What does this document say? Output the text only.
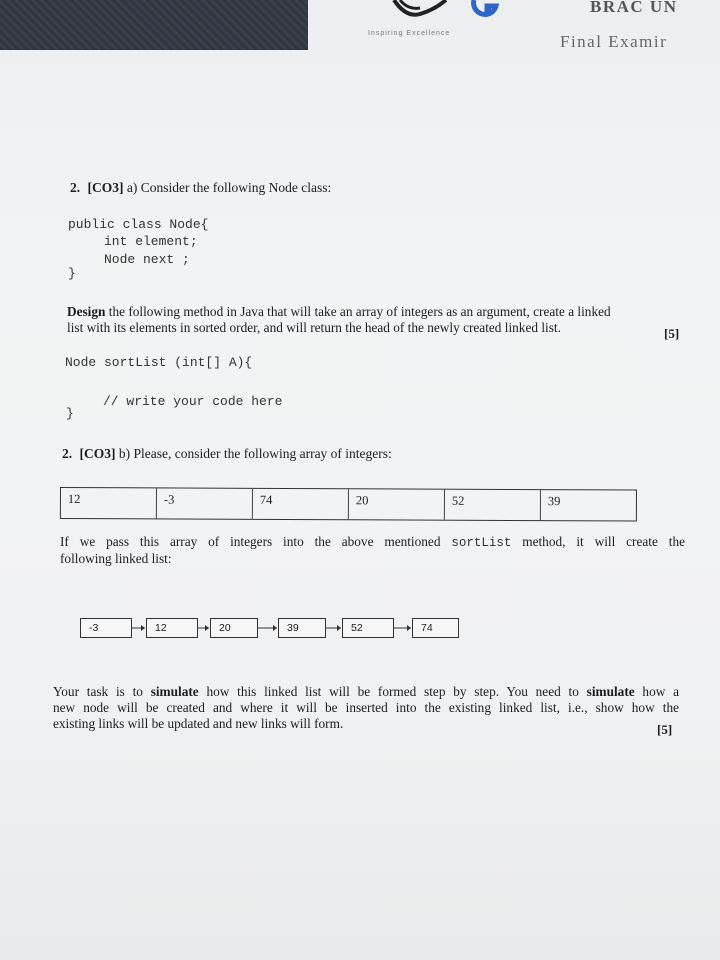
Inspiring Excellence
BRAC UN
Final Examir
2. [CO3] a) Consider the following Node class:
public class Node{
int element;
Node next ;
}
Design the following method in Java that will take an array of integers as an argument, create a linked
list with its elements in sorted order, and will return the head of the newly created linked list.	[5]
Node sortList (int[] A){
// write your code here
}
2. [CO3] b) Please, consider the following array of integers:
12	-3	74	20	52	39
If we pass this array of integers into the above mentioned sortList method, it will create the
following linked list:
-3	12	20	39	52	74
Your task is to simulate how this linked list will be formed step by step. You need to simulate how a
new node will be created and where it will be inserted into the existing linked list, i.e., show how the
existing links will be updated and new links will form.	[5]
